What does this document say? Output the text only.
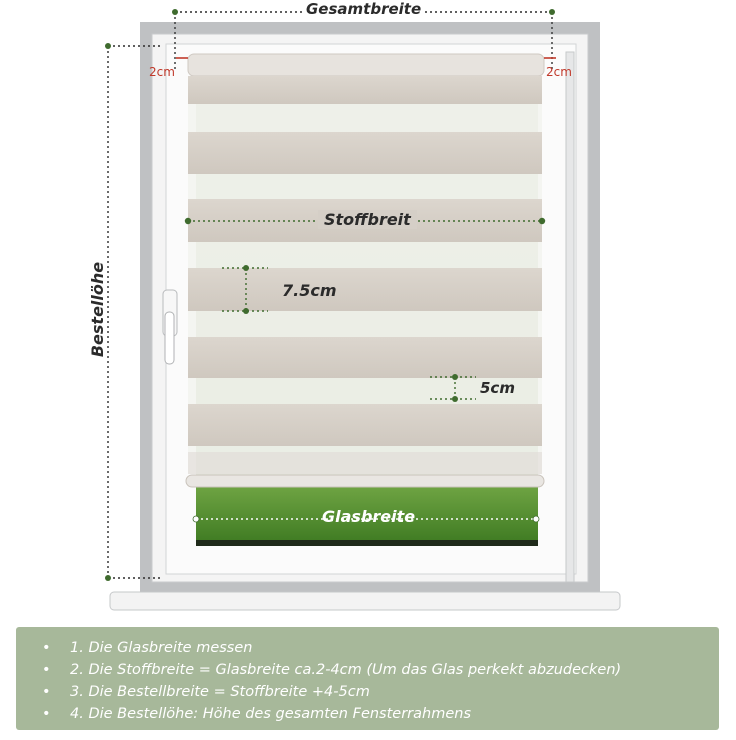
Gesamtbreite
2cm	2cm
Bestellöhe
Stoffbreit
7.5cm
5cm
Glasbreite
• 1. Die Glasbreite messen
• 2. Die Stoffbreite = Glasbreite ca.2-4cm (Um das Glas perkekt abzudecken)
• 3. Die Bestellbreite = Stoffbreite +4-5cm
• 4. Die Bestellöhe: Höhe des gesamten Fensterrahmens
